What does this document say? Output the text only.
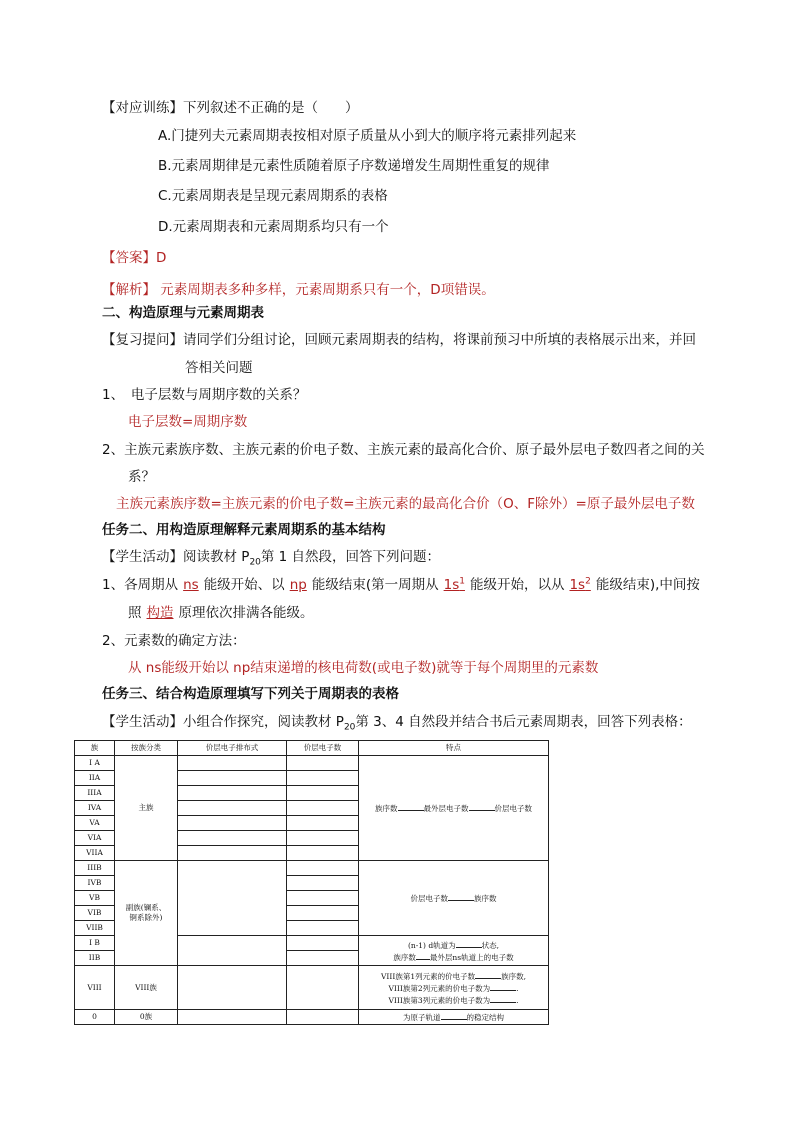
【对应训练】下列叙述不正确的是（　　）
A.门捷列夫元素周期表按相对原子质量从小到大的顺序将元素排列起来
B.元素周期律是元素性质随着原子序数递增发生周期性重复的规律
C.元素周期表是呈现元素周期系的表格
D.元素周期表和元素周期系均只有一个
【答案】D
【解析】 元素周期表多种多样，元素周期系只有一个，D项错误。
二、构造原理与元素周期表
【复习提问】请同学们分组讨论，回顾元素周期表的结构，将课前预习中所填的表格展示出来，并回
答相关问题
1、　电子层数与周期序数的关系？
电子层数=周期序数
2、主族元素族序数、主族元素的价电子数、主族元素的最高化合价、原子最外层电子数四者之间的关
系？
主族元素族序数=主族元素的价电子数=主族元素的最高化合价（O、F除外）=原子最外层电子数
任务二、用构造原理解释元素周期系的基本结构
【学生活动】阅读教材 $P_{20}$第 1 自然段，回答下列问题：
1、各周期从 ns 能级开始、以 np 能级结束(第一周期从 $1s^1$ 能级开始，以从 $1s^2$ 能级结束),中间按
照 构造 原理依次排满各能级。
2、元素数的确定方法：
从 ns能级开始以 np结束递增的核电荷数(或电子数)就等于每个周期里的元素数
任务三、结合构造原理填写下列关于周期表的表格
【学生活动】小组合作探究，阅读教材 $P_{20}$第 3、4 自然段并结合书后元素周期表，回答下列表格：
族	按族分类	价层电子排布式	价层电子数	特点
I A	主族			族序数 最外层电子数 价层电子数
IIA				
IIIA				
IVA				
VA				
VIA				
VIIA				
IIIB	副族(镧系、
锕系除外)			价层电子数 族序数
IVB				
VB				
VIB				
VIIB				
I B				(n-1) d轨道为 状态,
族序数 最外层ns轨道上的电子数
IIB				
VIII	VIII族			VIII族第1列元素的价电子数 族序数,
VIII族第2列元素的价电子数为 .
VIII族第3列元素的价电子数为 .
0	0族			为原子轨道 的稳定结构
